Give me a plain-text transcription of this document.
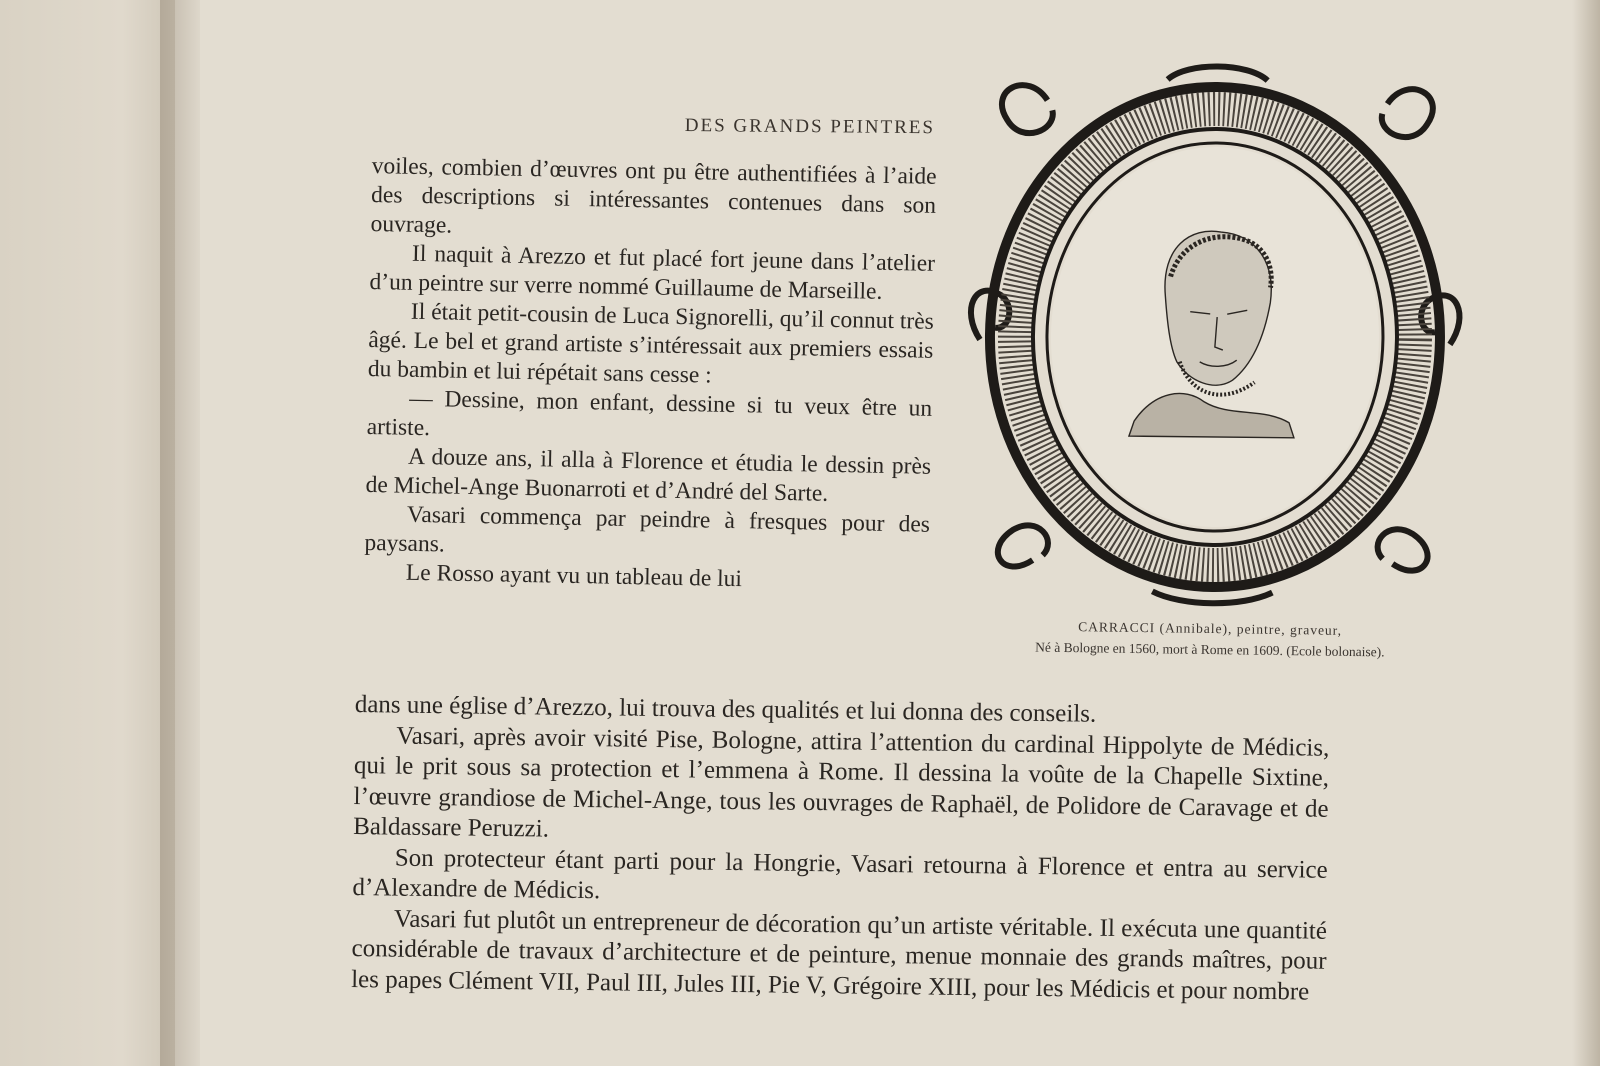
DES GRANDS PEINTRES

voiles, combien d’œuvres ont pu être authentifiées à l’aide des descriptions si intéressantes contenues dans son ouvrage.

Il naquit à Arezzo et fut placé fort jeune dans l’atelier d’un peintre sur verre nommé Guillaume de Marseille.

Il était petit-cousin de Luca Signorelli, qu’il connut très âgé. Le bel et grand artiste s’intéressait aux premiers essais du bambin et lui répétait sans cesse :

— Dessine, mon enfant, dessine si tu veux être un artiste.

A douze ans, il alla à Florence et étudia le dessin près de Michel-Ange Buonarroti et d’André del Sarte.

Vasari commença par peindre à fresques pour des paysans.

Le Rosso ayant vu un tableau de lui

dans une église d’Arezzo, lui trouva des qualités et lui donna des conseils.

Vasari, après avoir visité Pise, Bologne, attira l’attention du cardinal Hippolyte de Médicis, qui le prit sous sa protection et l’emmena à Rome. Il dessina la voûte de la Chapelle Sixtine, l’œuvre grandiose de Michel-Ange, tous les ouvrages de Raphaël, de Polidore de Caravage et de Baldassare Peruzzi.

Son protecteur étant parti pour la Hongrie, Vasari retourna à Florence et entra au service d’Alexandre de Médicis.

Vasari fut plutôt un entrepreneur de décoration qu’un artiste véritable. Il exécuta une quantité considérable de travaux d’architecture et de peinture, menue monnaie des grands maîtres, pour les papes Clément VII, Paul III, Jules III, Pie V, Grégoire XIII, pour les Médicis et pour nombre

CARRACCI (Annibale), peintre, graveur,
Né à Bologne en 1560, mort à Rome en 1609. (Ecole bolonaise).
